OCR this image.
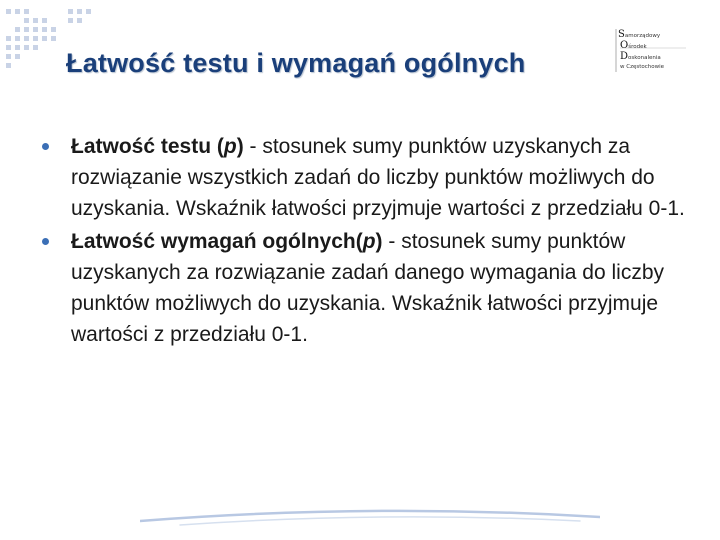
Samorządowy
Ośrodek
Doskonalenia
w Częstochowie
Łatwość testu i wymagań ogólnych

Łatwość testu (p) - stosunek sumy punktów uzyskanych za rozwiązanie wszystkich zadań do liczby punktów możliwych do uzyskania. Wskaźnik łatwości przyjmuje wartości z przedziału 0-1.

Łatwość wymagań ogólnych(p) - stosunek sumy punktów uzyskanych za rozwiązanie zadań danego wymagania do liczby punktów możliwych do uzyskania. Wskaźnik łatwości przyjmuje wartości z przedziału 0-1.
